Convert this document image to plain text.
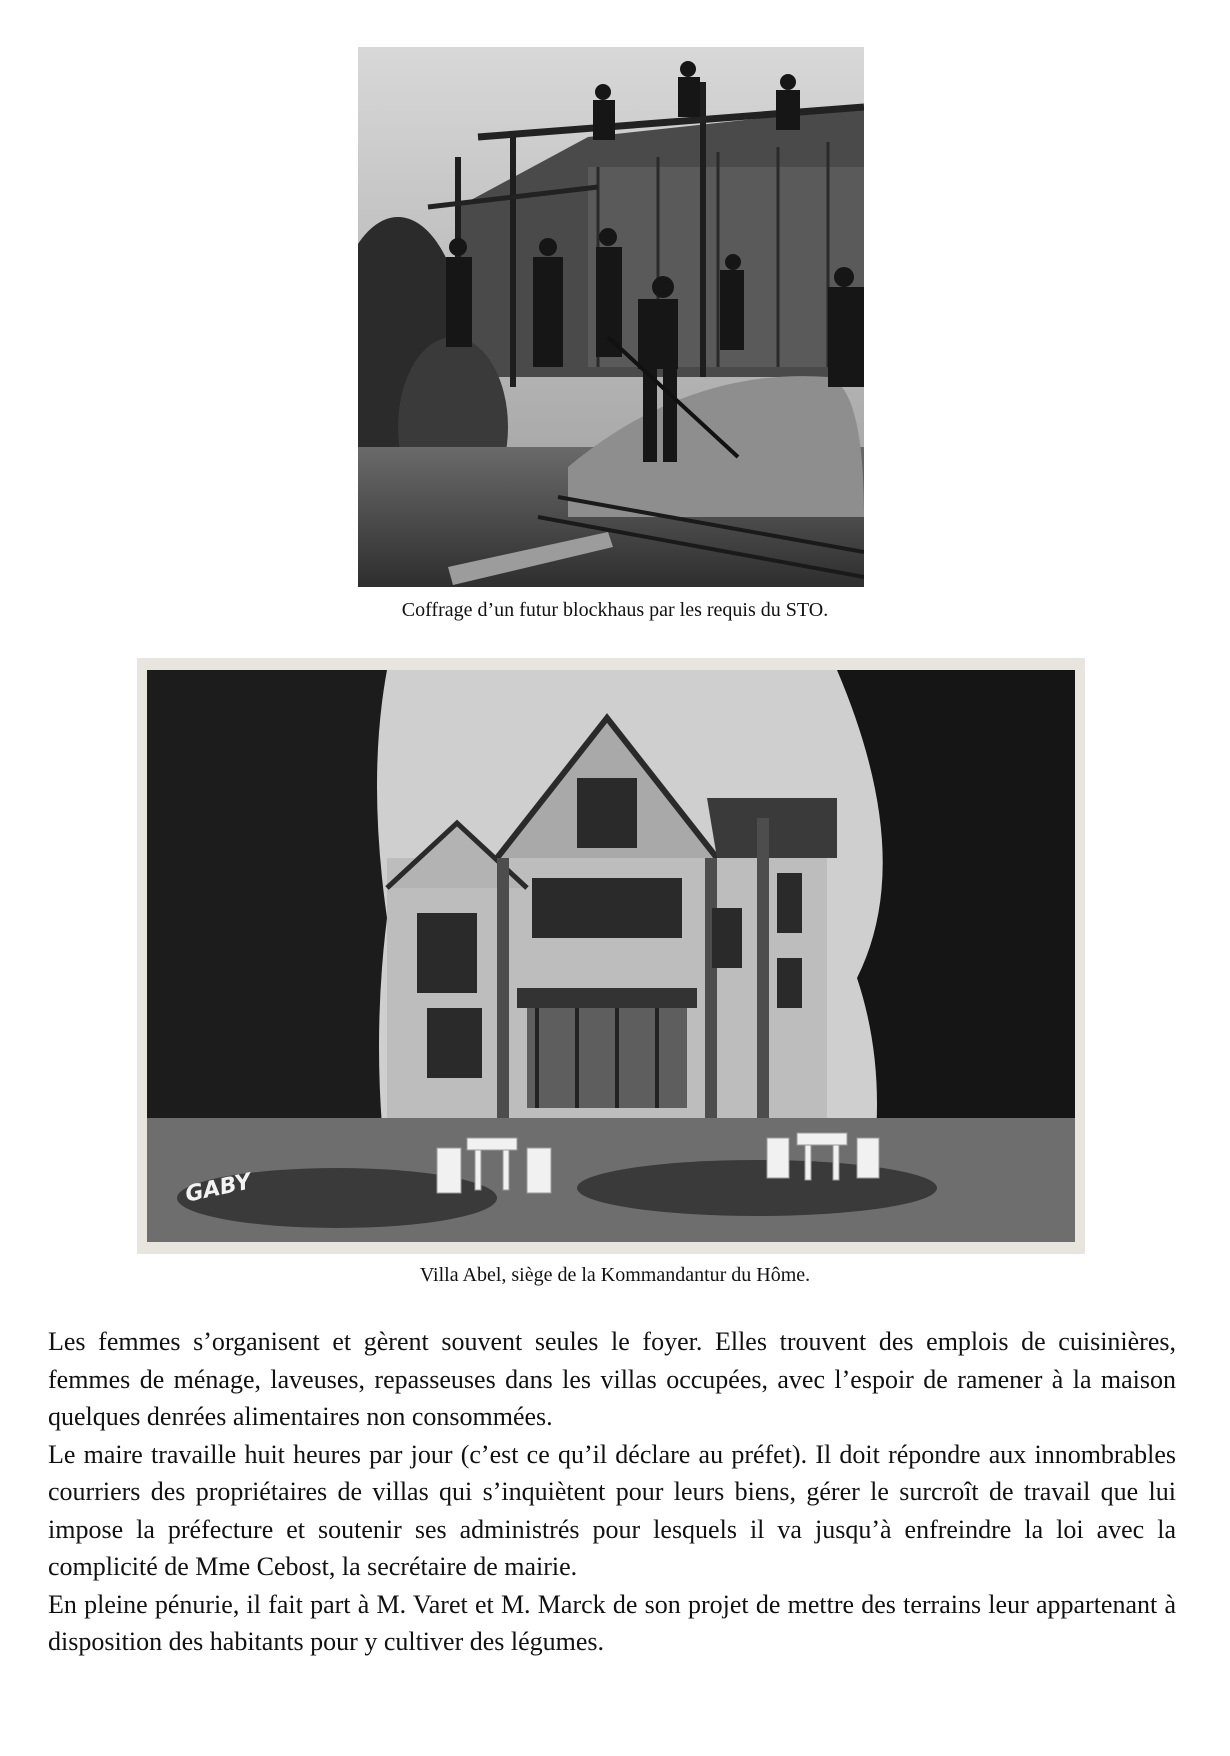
Coffrage d’un futur blockhaus par les requis du STO.
GABY
Villa Abel, siège de la Kommandantur du Hôme.

Les femmes s’organisent et gèrent souvent seules le foyer. Elles trouvent des emplois de cuisinières, femmes de ménage, laveuses, repasseuses dans les villas occupées, avec l’espoir de ramener à la maison quelques denrées alimentaires non consommées.

Le maire travaille huit heures par jour (c’est ce qu’il déclare au préfet). Il doit répondre aux innombrables courriers des propriétaires de villas qui s’inquiètent pour leurs biens, gérer le surcroît de travail que lui impose la préfecture et soutenir ses administrés pour lesquels il va jusqu’à enfreindre la loi avec la complicité de Mme Cebost, la secrétaire de mairie.

En pleine pénurie, il fait part à M. Varet et M. Marck de son projet de mettre des terrains leur appartenant à disposition des habitants pour y cultiver des légumes.
